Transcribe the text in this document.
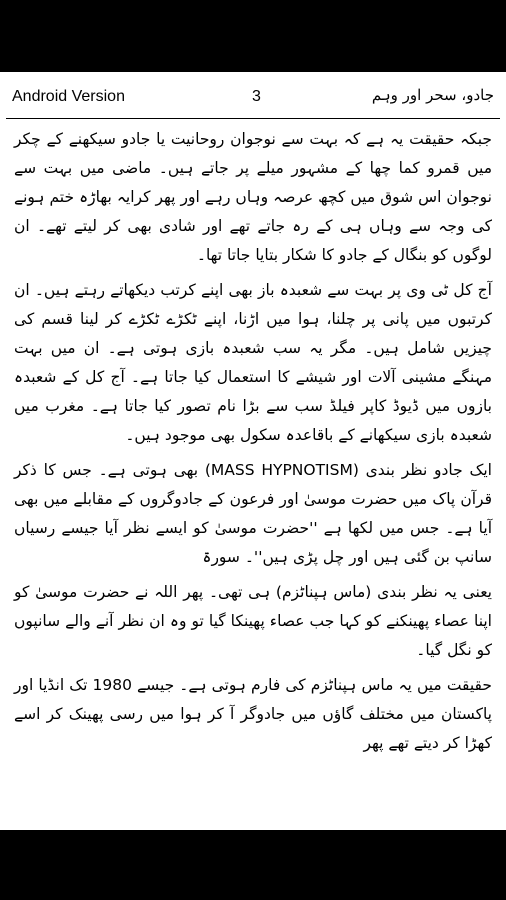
Android Version	3	جادو، سحر اور وہم

جبکہ حقیقت یہ ہے کہ بہت سے نوجوان روحانیت یا جادو سیکھنے کے چکر میں قمرو کما چھا کے مشہور میلے پر جاتے ہیں۔ ماضی میں بہت سے نوجوان اس شوق میں کچھ عرصہ وہاں رہے اور پھر کرایہ بھاڑہ ختم ہونے کی وجہ سے وہاں ہی کے رہ جاتے تھے اور شادی بھی کر لیتے تھے۔ ان لوگوں کو بنگال کے جادو کا شکار بتایا جاتا تھا۔

آج کل ٹی وی پر بہت سے شعبدہ باز بھی اپنے کرتب دیکھاتے رہتے ہیں۔ ان کرتبوں میں پانی پر چلنا، ہوا میں اڑنا، اپنے ٹکڑے ٹکڑے کر لینا قسم کی چیزیں شامل ہیں۔ مگر یہ سب شعبدہ بازی ہوتی ہے۔ ان میں بہت مہنگے مشینی آلات اور شیشے کا استعمال کیا جاتا ہے۔ آج کل کے شعبدہ بازوں میں ڈیوڈ کاپر فیلڈ سب سے بڑا نام تصور کیا جاتا ہے۔ مغرب میں شعبدہ بازی سیکھانے کے باقاعدہ سکول بھی موجود ہیں۔

ایک جادو نظر بندی (MASS HYPNOTISM) بھی ہوتی ہے۔ جس کا ذکر قرآن پاک میں حضرت موسیٰ اور فرعون کے جادوگروں کے مقابلے میں بھی آیا ہے۔ جس میں لکھا ہے ''حضرت موسیٰ کو ایسے نظر آیا جیسے رسیاں سانپ بن گئی ہیں اور چل پڑی ہیں''۔ سورۃ

یعنی یہ نظر بندی (ماس ہپناٹزم) ہی تھی۔ پھر اللہ نے حضرت موسیٰ کو اپنا عصاء پھینکنے کو کہا جب عصاء پھینکا گیا تو وہ ان نظر آنے والے سانپوں کو نگل گیا۔

حقیقت میں یہ ماس ہپناٹزم کی فارم ہوتی ہے۔ جیسے 1980 تک انڈیا اور پاکستان میں مختلف گاؤں میں جادوگر آ کر ہوا میں رسی پھینک کر اسے کھڑا کر دیتے تھے پھر
